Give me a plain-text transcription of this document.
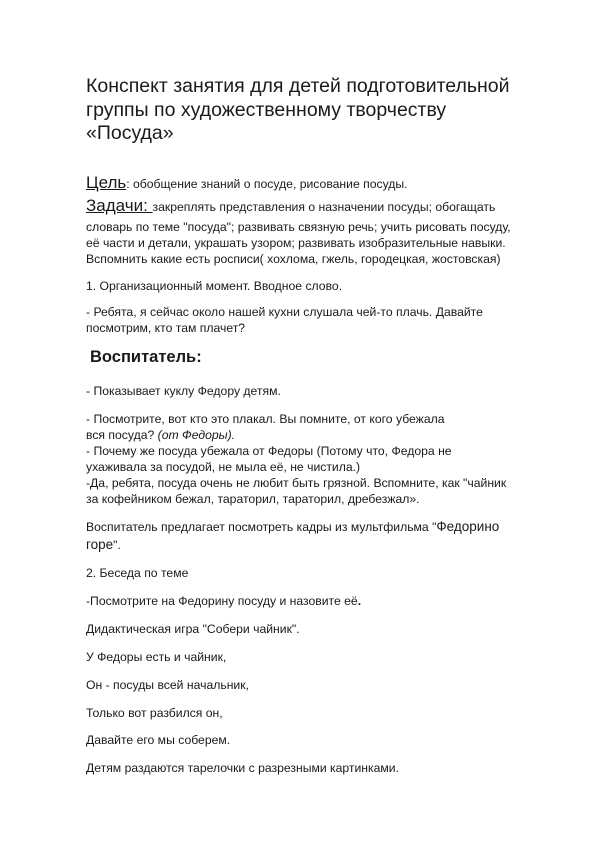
Конспект занятия для детей подготовительной
группы по художественному творчеству
«Посуда»
Цель: обобщение знаний о посуде, рисование посуды.
Задачи: закреплять представления о назначении посуды; обогащать
словарь по теме "посуда"; развивать связную речь; учить рисовать посуду,
её части и детали, украшать узором; развивать изобразительные навыки.
Вспомнить какие есть росписи( хохлома, гжель, городецкая, жостовская)
1. Организационный момент. Вводное слово.
- Ребята, я сейчас около нашей кухни слушала чей-то плачь. Давайте
посмотрим, кто там плачет?
Воспитатель:
- Показывает куклу Федору детям.
- Посмотрите, вот кто это плакал. Вы помните, от кого убежала
вся посуда? (от Федоры).
- Почему же посуда убежала от Федоры (Потому что, Федора не
ухаживала за посудой, не мыла её, не чистила.)
-Да, ребята, посуда очень не любит быть грязной. Вспомните, как "чайник
за кофейником бежал, тараторил, тараторил, дребезжал».
Воспитатель предлагает посмотреть кадры из мультфильма "Федорино
горе".
2. Беседа по теме
-Посмотрите на Федорину посуду и назовите её.
Дидактическая игра "Собери чайник".
У Федоры есть и чайник,
Он - посуды всей начальник,
Только вот разбился он,
Давайте его мы соберем.
Детям раздаются тарелочки с разрезными картинками.
